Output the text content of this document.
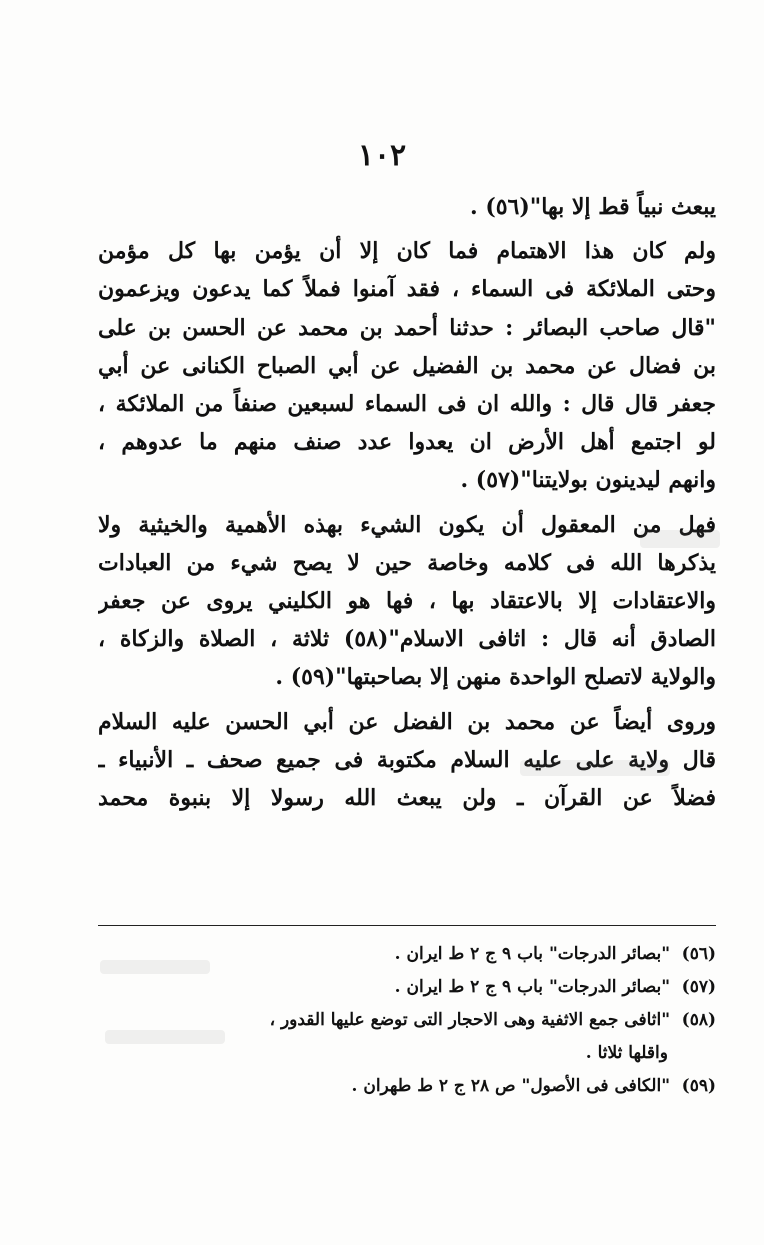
١٠٢
يبعث نبياً قط إلا بها"(٥٦) .
ولم كان هذا الاهتمام فما كان إلا أن يؤمن بها كل مؤمن
وحتى الملائكة فى السماء ، فقد آمنوا فملاً كما يدعون ويزعمون
"قال صاحب البصائر : حدثنا أحمد بن محمد عن الحسن بن على
بن فضال عن محمد بن الفضيل عن أبي الصباح الكنانى عن أبي
جعفر قال قال : والله ان فى السماء لسبعين صنفاً من الملائكة ،
لو اجتمع أهل الأرض ان يعدوا عدد صنف منهم ما عدوهم ،
وانهم ليدينون بولايتنا"(٥٧) .
فهل من المعقول أن يكون الشيء بهذه الأهمية والخيثية ولا
يذكرها الله فى كلامه وخاصة حين لا يصح شيء من العبادات
والاعتقادات إلا بالاعتقاد بها ، فها هو الكليني يروى عن جعفر
الصادق أنه قال : اثافى الاسلام"(٥٨) ثلاثة ، الصلاة والزكاة ،
والولاية لاتصلح الواحدة منهن إلا بصاحبتها"(٥٩) .
وروى أيضاً عن محمد بن الفضل عن أبي الحسن عليه السلام
قال ولاية على عليه السلام مكتوبة فى جميع صحف ـ الأنبياء ـ
فضلاً عن القرآن ـ ولن يبعث الله رسولا إلا بنبوة محمد
(٥٦) "بصائر الدرجات" باب ٩ ج ٢ ط ايران .
(٥٧) "بصائر الدرجات" باب ٩ ج ٢ ط ايران .
(٥٨) "اثافى جمع الاثفية وهى الاحجار التى توضع عليها القدور ،
واقلها ثلاثا .
(٥٩) "الكافى فى الأصول" ص ٢٨ ج ٢ ط طهران .
